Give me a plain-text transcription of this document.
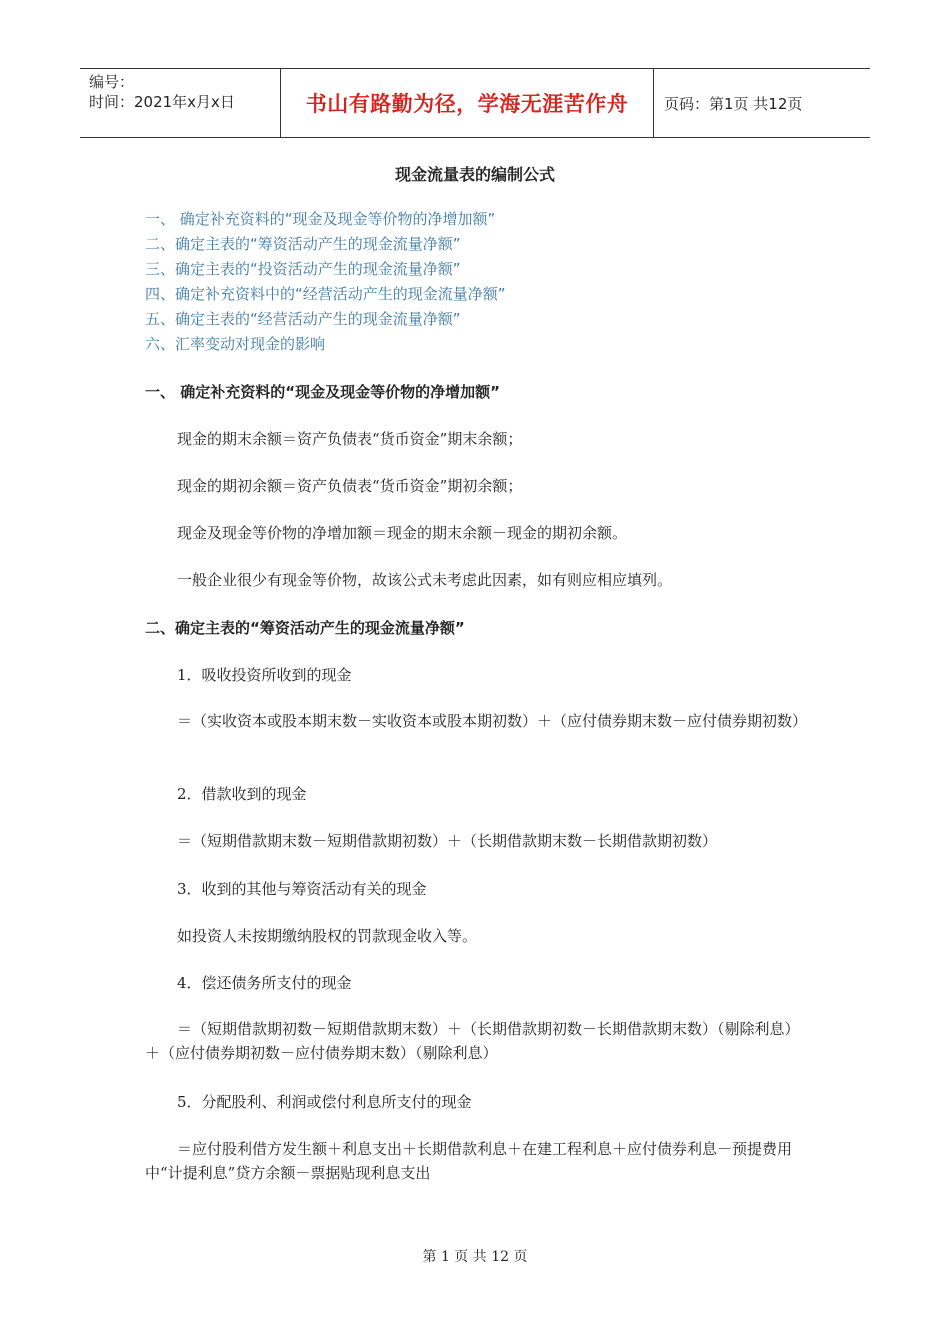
编号：
时间：2021年x月x日	书山有路勤为径，学海无涯苦作舟 页码：第1页 共12页
现金流量表的编制公式
一、 确定补充资料的“现金及现金等价物的净增加额”
二、确定主表的“筹资活动产生的现金流量净额”
三、确定主表的“投资活动产生的现金流量净额”
四、确定补充资料中的“经营活动产生的现金流量净额”
五、确定主表的“经营活动产生的现金流量净额”
六、汇率变动对现金的影响
一、 确定补充资料的“现金及现金等价物的净增加额”
现金的期末余额＝资产负债表“货币资金”期末余额；
现金的期初余额＝资产负债表“货币资金”期初余额；
现金及现金等价物的净增加额＝现金的期末余额－现金的期初余额。
一般企业很少有现金等价物，故该公式未考虑此因素，如有则应相应填列。
二、确定主表的“筹资活动产生的现金流量净额”
1．吸收投资所收到的现金
＝（实收资本或股本期末数－实收资本或股本期初数）＋（应付债券期末数－应付债券期初数）
2．借款收到的现金
＝（短期借款期末数－短期借款期初数）＋（长期借款期末数－长期借款期初数）
3．收到的其他与筹资活动有关的现金
如投资人未按期缴纳股权的罚款现金收入等。
4．偿还债务所支付的现金
＝（短期借款期初数－短期借款期末数）＋（长期借款期初数－长期借款期末数）（剔除利息）＋（应付债券期初数－应付债券期末数）（剔除利息）
5．分配股利、利润或偿付利息所支付的现金
＝应付股利借方发生额＋利息支出＋长期借款利息＋在建工程利息＋应付债券利息－预提费用中“计提利息”贷方余额－票据贴现利息支出
第 1 页 共 12 页
